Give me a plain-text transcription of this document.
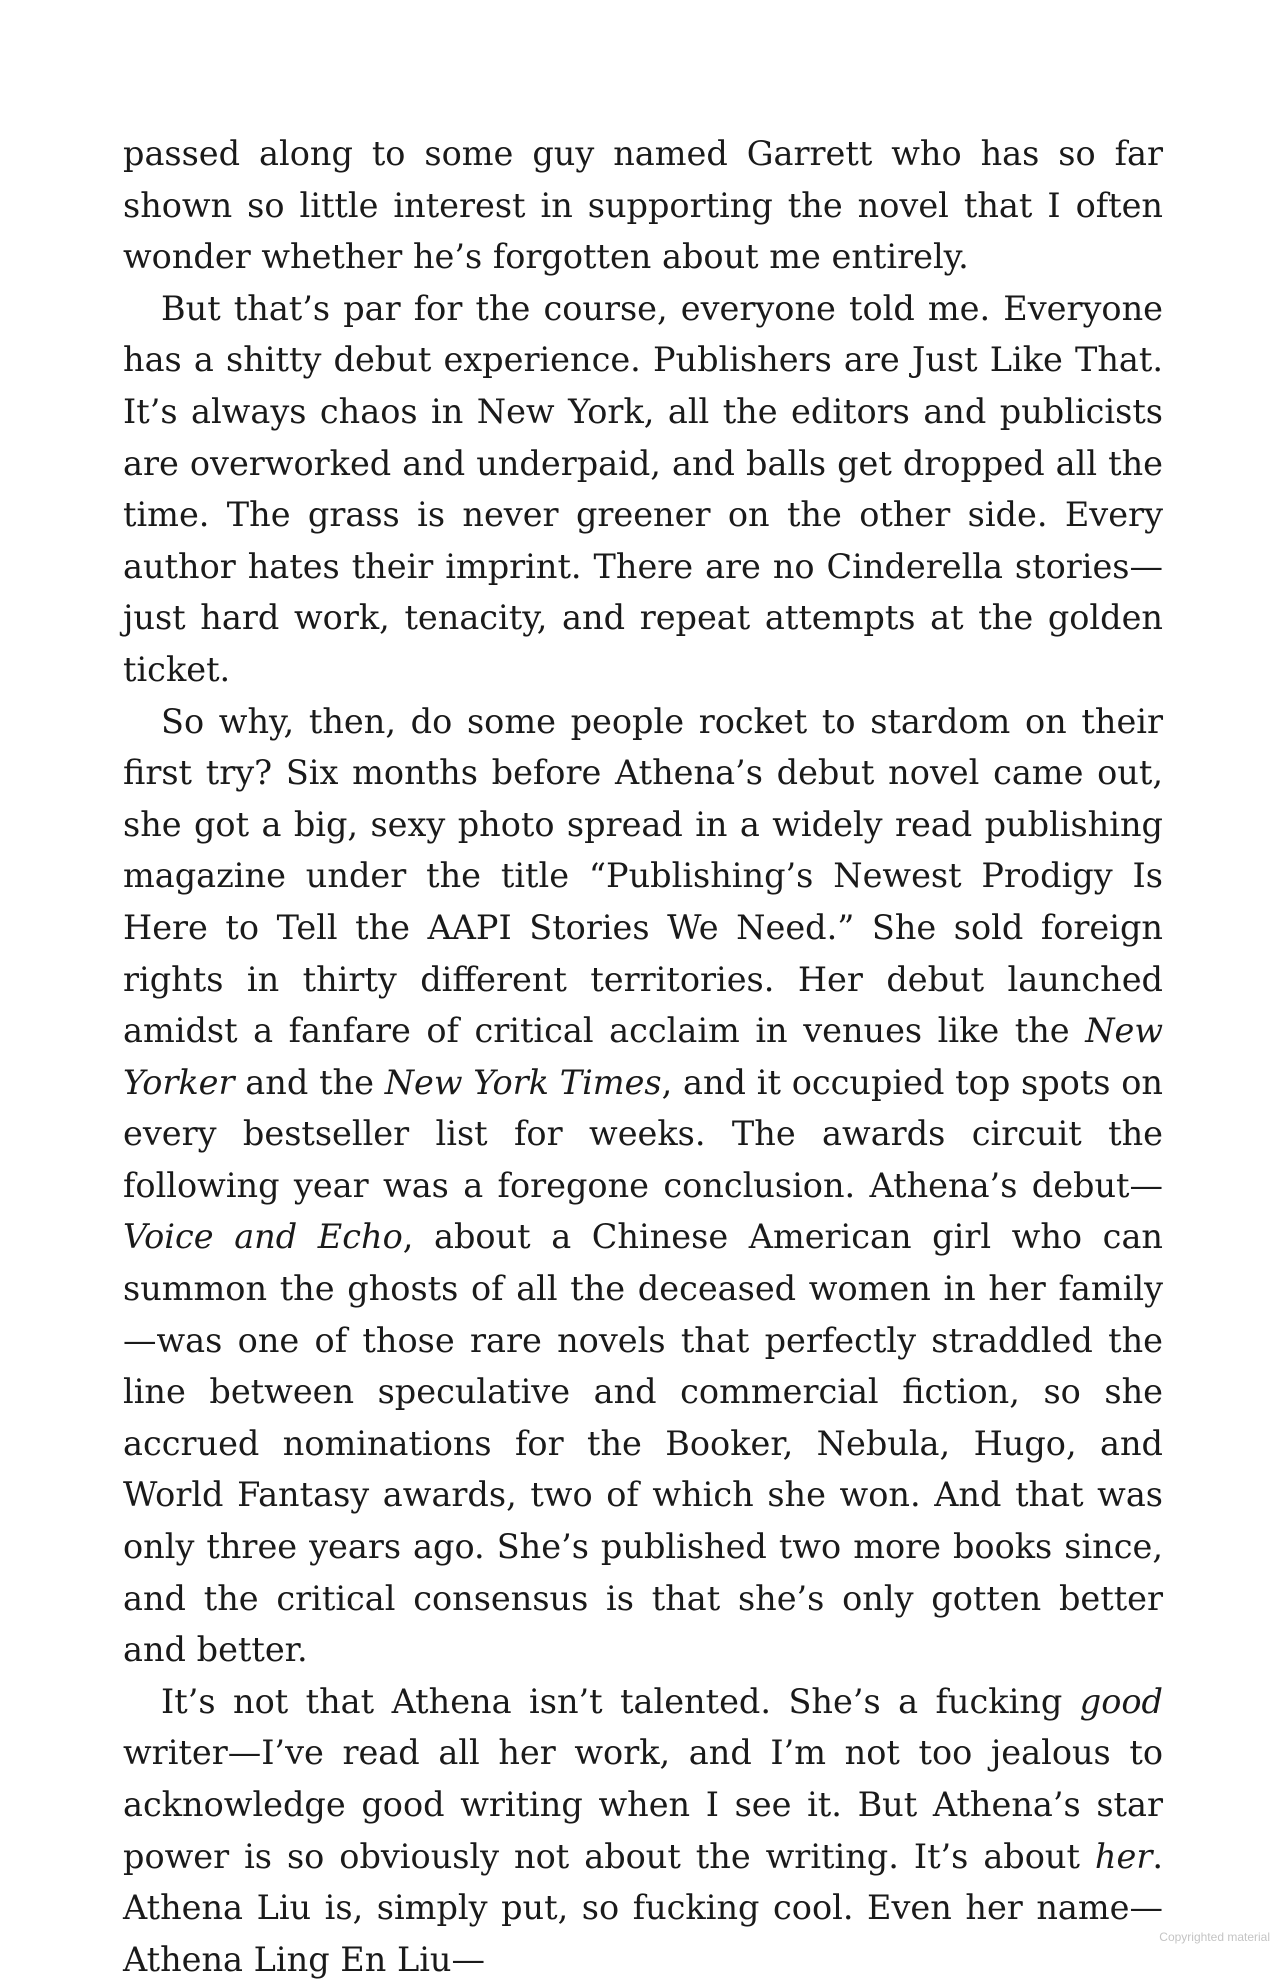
passed along to some guy named Garrett who has so far shown so little interest in supporting the novel that I often wonder whether he’s forgotten about me entirely.

But that’s par for the course, everyone told me. Everyone has a shitty debut experience. Publishers are Just Like That. It’s always chaos in New York, all the editors and publicists are overworked and underpaid, and balls get dropped all the time. The grass is never greener on the other side. Every author hates their imprint. There are no Cinderella stories—just hard work, tenacity, and repeat attempts at the golden ticket.

So why, then, do some people rocket to stardom on their first try? Six months before Athena’s debut novel came out, she got a big, sexy photo spread in a widely read publishing magazine under the title “Publishing’s Newest Prodigy Is Here to Tell the AAPI Stories We Need.” She sold foreign rights in thirty different territories. Her debut launched amidst a fanfare of critical acclaim in venues like the New Yorker and the New York Times, and it occupied top spots on every bestseller list for weeks. The awards circuit the following year was a foregone conclusion. Athena’s debut—Voice and Echo, about a Chinese American girl who can summon the ghosts of all the deceased women in her family—was one of those rare novels that perfectly straddled the line between speculative and commercial fiction, so she accrued nominations for the Booker, Nebula, Hugo, and World Fantasy awards, two of which she won. And that was only three years ago. She’s published two more books since, and the critical consensus is that she’s only gotten better and better.

It’s not that Athena isn’t talented. She’s a fucking good writer—I’ve read all her work, and I’m not too jealous to acknowledge good writing when I see it. But Athena’s star power is so obviously not about the writing. It’s about her. Athena Liu is, simply put, so fucking cool. Even her name—Athena Ling En Liu—

Copyrighted material
